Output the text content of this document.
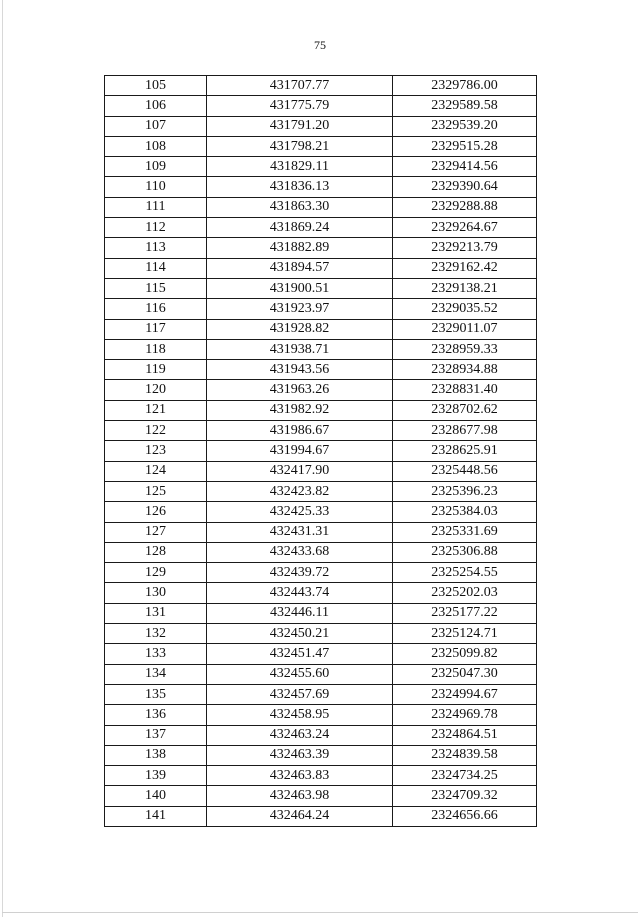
75
105	431707.77	2329786.00
106	431775.79	2329589.58
107	431791.20	2329539.20
108	431798.21	2329515.28
109	431829.11	2329414.56
110	431836.13	2329390.64
111	431863.30	2329288.88
112	431869.24	2329264.67
113	431882.89	2329213.79
114	431894.57	2329162.42
115	431900.51	2329138.21
116	431923.97	2329035.52
117	431928.82	2329011.07
118	431938.71	2328959.33
119	431943.56	2328934.88
120	431963.26	2328831.40
121	431982.92	2328702.62
122	431986.67	2328677.98
123	431994.67	2328625.91
124	432417.90	2325448.56
125	432423.82	2325396.23
126	432425.33	2325384.03
127	432431.31	2325331.69
128	432433.68	2325306.88
129	432439.72	2325254.55
130	432443.74	2325202.03
131	432446.11	2325177.22
132	432450.21	2325124.71
133	432451.47	2325099.82
134	432455.60	2325047.30
135	432457.69	2324994.67
136	432458.95	2324969.78
137	432463.24	2324864.51
138	432463.39	2324839.58
139	432463.83	2324734.25
140	432463.98	2324709.32
141	432464.24	2324656.66
